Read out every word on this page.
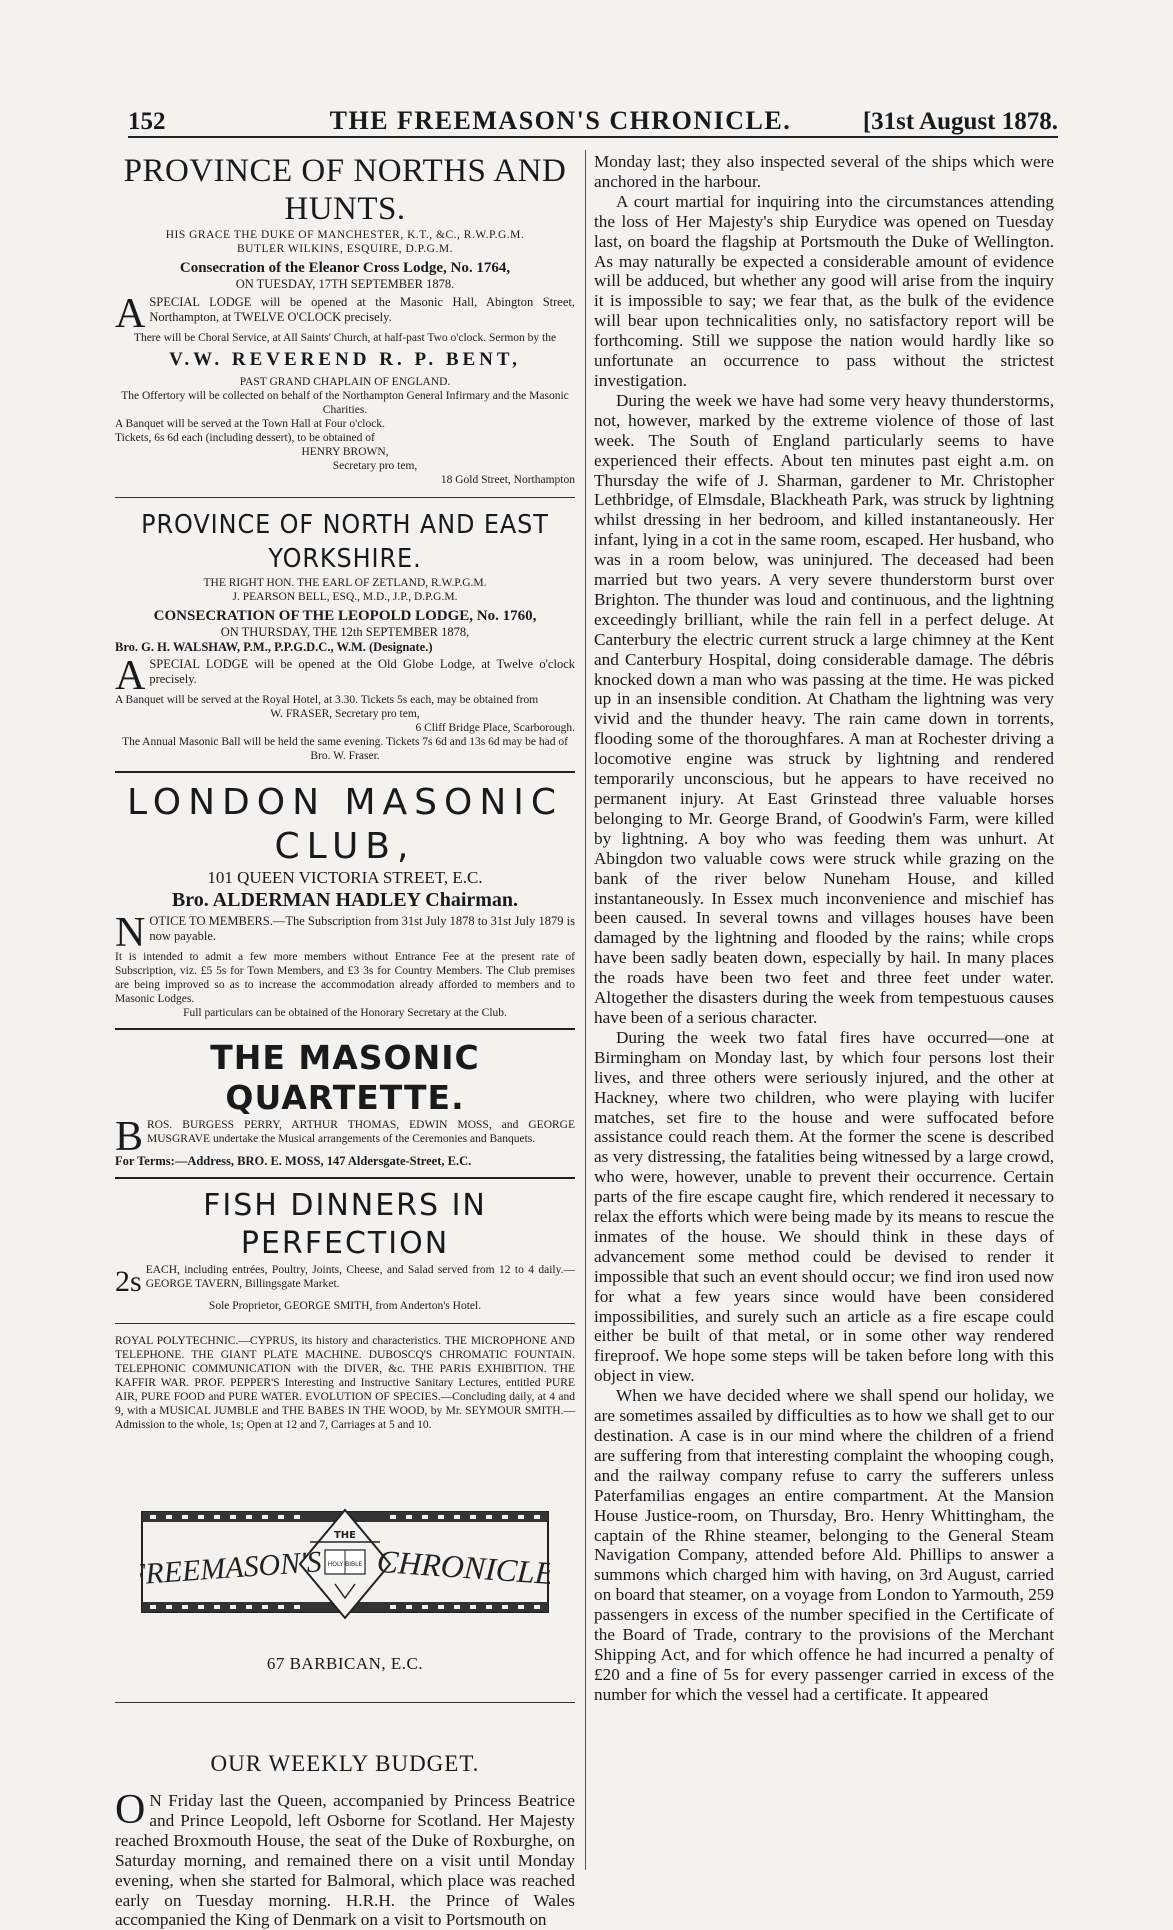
152	THE FREEMASON'S CHRONICLE.	[31st August 1878.
PROVINCE OF NORTHS AND HUNTS.

HIS GRACE THE DUKE OF MANCHESTER, K.T., &C., R.W.P.G.M.

BUTLER WILKINS, ESQUIRE, D.P.G.M.

Consecration of the Eleanor Cross Lodge, No. 1764,

ON TUESDAY, 17TH SEPTEMBER 1878.

A SPECIAL LODGE will be opened at the Masonic Hall, Abington Street, Northampton, at TWELVE O'CLOCK precisely.

There will be Choral Service, at All Saints' Church, at half-past Two o'clock. Sermon by the

V.W. REVEREND R. P. BENT,

PAST GRAND CHAPLAIN OF ENGLAND.

The Offertory will be collected on behalf of the Northampton General Infirmary and the Masonic Charities.

A Banquet will be served at the Town Hall at Four o'clock.

Tickets, 6s 6d each (including dessert), to be obtained of

HENRY BROWN,

Secretary pro tem,

18 Gold Street, Northampton

PROVINCE OF NORTH AND EAST YORKSHIRE.

THE RIGHT HON. THE EARL OF ZETLAND, R.W.P.G.M.

J. PEARSON BELL, ESQ., M.D., J.P., D.P.G.M.

CONSECRATION OF THE LEOPOLD LODGE, No. 1760,

ON THURSDAY, THE 12th SEPTEMBER 1878,

Bro. G. H. WALSHAW, P.M., P.P.G.D.C., W.M. (Designate.)

A SPECIAL LODGE will be opened at the Old Globe Lodge, at Twelve o'clock precisely.

A Banquet will be served at the Royal Hotel, at 3.30. Tickets 5s each, may be obtained from

W. FRASER, Secretary pro tem,

6 Cliff Bridge Place, Scarborough.

The Annual Masonic Ball will be held the same evening. Tickets 7s 6d and 13s 6d may be had of Bro. W. Fraser.

LONDON MASONIC CLUB,

101 QUEEN VICTORIA STREET, E.C.

Bro. ALDERMAN HADLEY Chairman.

N OTICE TO MEMBERS.—The Subscription from 31st July 1878 to 31st July 1879 is now payable.

It is intended to admit a few more members without Entrance Fee at the present rate of Subscription, viz. £5 5s for Town Members, and £3 3s for Country Members. The Club premises are being improved so as to increase the accommodation already afforded to members and to Masonic Lodges.

Full particulars can be obtained of the Honorary Secretary at the Club.

THE MASONIC QUARTETTE.

B ROS. BURGESS PERRY, ARTHUR THOMAS, EDWIN MOSS, and GEORGE MUSGRAVE undertake the Musical arrangements of the Ceremonies and Banquets.

For Terms:—Address, BRO. E. MOSS, 147 Aldersgate-Street, E.C.

FISH DINNERS IN PERFECTION

2s EACH, including entrées, Poultry, Joints, Cheese, and Salad served from 12 to 4 daily.—GEORGE TAVERN, Billingsgate Market.

Sole Proprietor, GEORGE SMITH, from Anderton's Hotel.

ROYAL POLYTECHNIC.—CYPRUS, its history and characteristics. THE MICROPHONE AND TELEPHONE. THE GIANT PLATE MACHINE. DUBOSCQ'S CHROMATIC FOUNTAIN. TELEPHONIC COMMUNICATION with the DIVER, &c. THE PARIS EXHIBITION. THE KAFFIR WAR. PROF. PEPPER'S Interesting and Instructive Sanitary Lectures, entitled PURE AIR, PURE FOOD and PURE WATER. EVOLUTION OF SPECIES.—Concluding daily, at 4 and 9, with a MUSICAL JUMBLE and THE BABES IN THE WOOD, by Mr. SEYMOUR SMITH.—Admission to the whole, 1s; Open at 12 and 7, Carriages at 5 and 10.

THE
HOLY BIBLE
FREEMASON'S CHRONICLE

67 BARBICAN, E.C.

OUR WEEKLY BUDGET.

O N Friday last the Queen, accompanied by Princess Beatrice and Prince Leopold, left Osborne for Scotland. Her Majesty reached Broxmouth House, the seat of the Duke of Roxburghe, on Saturday morning, and remained there on a visit until Monday evening, when she started for Balmoral, which place was reached early on Tuesday morning. H.R.H. the Prince of Wales accompanied the King of Denmark on a visit to Portsmouth on

Monday last; they also inspected several of the ships which were anchored in the harbour.

A court martial for inquiring into the circumstances attending the loss of Her Majesty's ship Eurydice was opened on Tuesday last, on board the flagship at Portsmouth the Duke of Wellington. As may naturally be expected a considerable amount of evidence will be adduced, but whether any good will arise from the inquiry it is impossible to say; we fear that, as the bulk of the evidence will bear upon technicalities only, no satisfactory report will be forthcoming. Still we suppose the nation would hardly like so unfortunate an occurrence to pass without the strictest investigation.

During the week we have had some very heavy thunderstorms, not, however, marked by the extreme violence of those of last week. The South of England particularly seems to have experienced their effects. About ten minutes past eight a.m. on Thursday the wife of J. Sharman, gardener to Mr. Christopher Lethbridge, of Elmsdale, Blackheath Park, was struck by lightning whilst dressing in her bedroom, and killed instantaneously. Her infant, lying in a cot in the same room, escaped. Her husband, who was in a room below, was uninjured. The deceased had been married but two years. A very severe thunderstorm burst over Brighton. The thunder was loud and continuous, and the lightning exceedingly brilliant, while the rain fell in a perfect deluge. At Canterbury the electric current struck a large chimney at the Kent and Canterbury Hospital, doing considerable damage. The débris knocked down a man who was passing at the time. He was picked up in an insensible condition. At Chatham the lightning was very vivid and the thunder heavy. The rain came down in torrents, flooding some of the thoroughfares. A man at Rochester driving a locomotive engine was struck by lightning and rendered temporarily unconscious, but he appears to have received no permanent injury. At East Grinstead three valuable horses belonging to Mr. George Brand, of Goodwin's Farm, were killed by lightning. A boy who was feeding them was unhurt. At Abingdon two valuable cows were struck while grazing on the bank of the river below Nuneham House, and killed instantaneously. In Essex much inconvenience and mischief has been caused. In several towns and villages houses have been damaged by the lightning and flooded by the rains; while crops have been sadly beaten down, especially by hail. In many places the roads have been two feet and three feet under water. Altogether the disasters during the week from tempestuous causes have been of a serious character.

During the week two fatal fires have occurred—one at Birmingham on Monday last, by which four persons lost their lives, and three others were seriously injured, and the other at Hackney, where two children, who were playing with lucifer matches, set fire to the house and were suffocated before assistance could reach them. At the former the scene is described as very distressing, the fatalities being witnessed by a large crowd, who were, however, unable to prevent their occurrence. Certain parts of the fire escape caught fire, which rendered it necessary to relax the efforts which were being made by its means to rescue the inmates of the house. We should think in these days of advancement some method could be devised to render it impossible that such an event should occur; we find iron used now for what a few years since would have been considered impossibilities, and surely such an article as a fire escape could either be built of that metal, or in some other way rendered fireproof. We hope some steps will be taken before long with this object in view.

When we have decided where we shall spend our holiday, we are sometimes assailed by difficulties as to how we shall get to our destination. A case is in our mind where the children of a friend are suffering from that interesting complaint the whooping cough, and the railway company refuse to carry the sufferers unless Paterfamilias engages an entire compartment. At the Mansion House Justice-room, on Thursday, Bro. Henry Whittingham, the captain of the Rhine steamer, belonging to the General Steam Navigation Company, attended before Ald. Phillips to answer a summons which charged him with having, on 3rd August, carried on board that steamer, on a voyage from London to Yarmouth, 259 passengers in excess of the number specified in the Certificate of the Board of Trade, contrary to the provisions of the Merchant Shipping Act, and for which offence he had incurred a penalty of £20 and a fine of 5s for every passenger carried in excess of the number for which the vessel had a certificate. It appeared
